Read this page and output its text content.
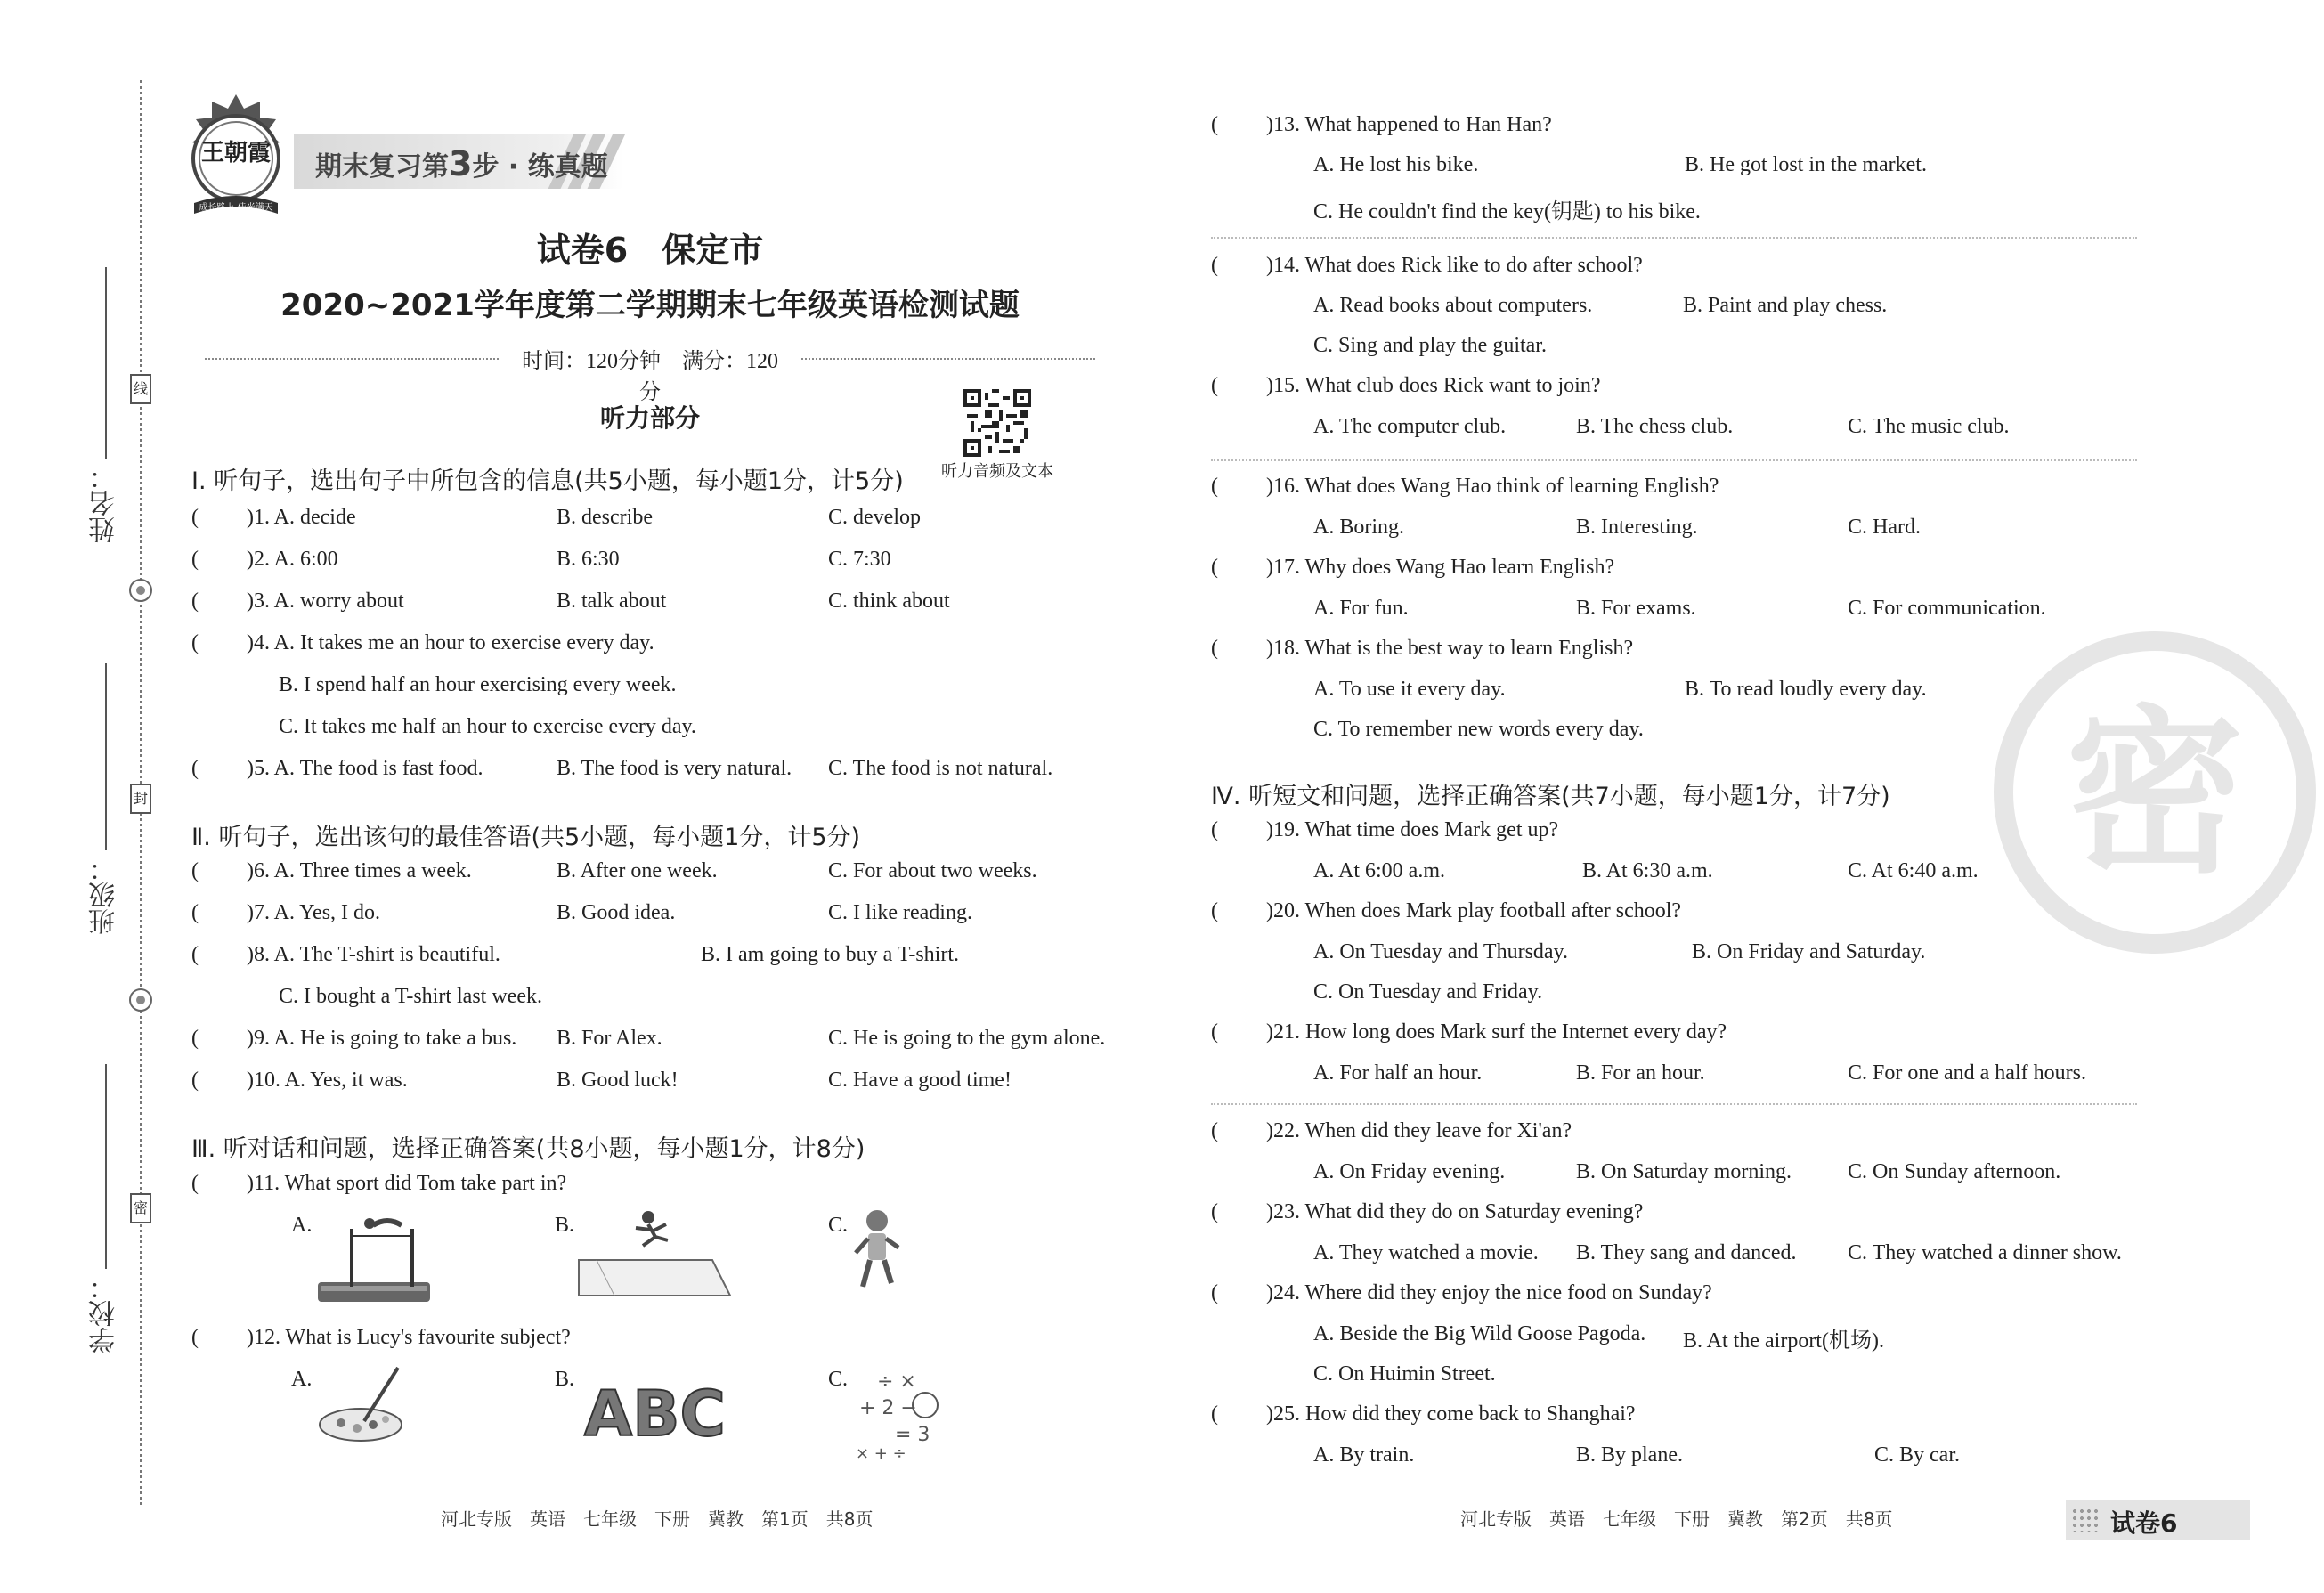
姓名：
班级：
学校：
线
封
密
王朝霞
成长路上 佳光满天
期末复习第3步 · 练真题
试卷6　保定市
2020~2021学年度第二学期期末七年级英语检测试题
时间：120分钟　满分：120分
听力部分
听力音频及文本
Ⅰ. 听句子，选出句子中所包含的信息(共5小题，每小题1分，计5分)
( )1. A. decide	B. describe	C. develop
( )2. A. 6:00	B. 6:30	C. 7:30
( )3. A. worry about	B. talk about	C. think about
( )4. A. It takes me an hour to exercise every day.
B. I spend half an hour exercising every week.
C. It takes me half an hour to exercise every day.
( )5. A. The food is fast food.	B. The food is very natural. C. The food is not natural.
Ⅱ. 听句子，选出该句的最佳答语(共5小题，每小题1分，计5分)
( )6. A. Three times a week.	B. After one week.	C. For about two weeks.
( )7. A. Yes, I do.	B. Good idea.	C. I like reading.
( )8. A. The T-shirt is beautiful.	B. I am going to buy a T-shirt.
C. I bought a T-shirt last week.
( )9. A. He is going to take a bus. B. For Alex.	C. He is going to the gym alone.
( )10. A. Yes, it was.	B. Good luck!	C. Have a good time!
Ⅲ. 听对话和问题，选择正确答案(共8小题，每小题1分，计8分)
( )11. What sport did Tom take part in?
A.	B.	C.
( )12. What is Lucy's favourite subject?
A.	B. ABC	C. ÷ ×
+ 2 −
= 3
× + ÷
( )13. What happened to Han Han?
A. He lost his bike.	B. He got lost in the market.
C. He couldn't find the key(钥匙) to his bike.
( )14. What does Rick like to do after school?
A. Read books about computers.	B. Paint and play chess.
C. Sing and play the guitar.
( )15. What club does Rick want to join?
A. The computer club.	B. The chess club.	C. The music club.
( )16. What does Wang Hao think of learning English?
A. Boring.	B. Interesting.	C. Hard.
( )17. Why does Wang Hao learn English?
A. For fun.	B. For exams.	C. For communication.
( )18. What is the best way to learn English?
A. To use it every day.	B. To read loudly every day.
C. To remember new words every day.
Ⅳ. 听短文和问题，选择正确答案(共7小题，每小题1分，计7分)
( )19. What time does Mark get up?
A. At 6:00 a.m.	B. At 6:30 a.m.	C. At 6:40 a.m.
( )20. When does Mark play football after school?
A. On Tuesday and Thursday.	B. On Friday and Saturday.
C. On Tuesday and Friday.
( )21. How long does Mark surf the Internet every day?
A. For half an hour.	B. For an hour.	C. For one and a half hours.
( )22. When did they leave for Xi'an?
A. On Friday evening.	B. On Saturday morning.	C. On Sunday afternoon.
( )23. What did they do on Saturday evening?
A. They watched a movie. B. They sang and danced. C. They watched a dinner show.
( )24. Where did they enjoy the nice food on Sunday?
A. Beside the Big Wild Goose Pagoda. B. At the airport(机场).
C. On Huimin Street.
( )25. How did they come back to Shanghai?
A. By train.	B. By plane.	C. By car.
密
河北专版　英语　七年级　下册　冀教　第1页　共8页	河北专版　英语　七年级　下册　冀教　第2页　共8页	试卷6
